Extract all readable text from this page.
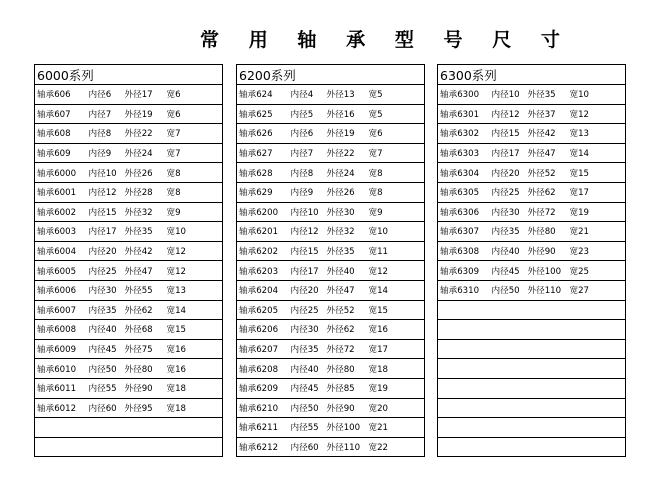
常 用 轴 承 型 号 尺 寸
6000系列			
轴承606	内径6	外径17	宽6
轴承607	内径7	外径19	宽6
轴承608	内径8	外径22	宽7
轴承609	内径9	外径24	宽7
轴承6000	内径10	外径26	宽8
轴承6001	内径12	外径28	宽8
轴承6002	内径15	外径32	宽9
轴承6003	内径17	外径35	宽10
轴承6004	内径20	外径42	宽12
轴承6005	内径25	外径47	宽12
轴承6006	内径30	外径55	宽13
轴承6007	内径35	外径62	宽14
轴承6008	内径40	外径68	宽15
轴承6009	内径45	外径75	宽16
轴承6010	内径50	外径80	宽16
轴承6011	内径55	外径90	宽18
轴承6012	内径60	外径95	宽18

6200系列			
轴承624	内径4	外径13	宽5
轴承625	内径5	外径16	宽5
轴承626	内径6	外径19	宽6
轴承627	内径7	外径22	宽7
轴承628	内径8	外径24	宽8
轴承629	内径9	外径26	宽8
轴承6200	内径10	外径30	宽9
轴承6201	内径12	外径32	宽10
轴承6202	内径15	外径35	宽11
轴承6203	内径17	外径40	宽12
轴承6204	内径20	外径47	宽14
轴承6205	内径25	外径52	宽15
轴承6206	内径30	外径62	宽16
轴承6207	内径35	外径72	宽17
轴承6208	内径40	外径80	宽18
轴承6209	内径45	外径85	宽19
轴承6210	内径50	外径90	宽20
轴承6211	内径55	外径100	宽21
轴承6212	内径60	外径110	宽22
6300系列			
轴承6300	内径10	外径35	宽10
轴承6301	内径12	外径37	宽12
轴承6302	内径15	外径42	宽13
轴承6303	内径17	外径47	宽14
轴承6304	内径20	外径52	宽15
轴承6305	内径25	外径62	宽17
轴承6306	内径30	外径72	宽19
轴承6307	内径35	外径80	宽21
轴承6308	内径40	外径90	宽23
轴承6309	内径45	外径100	宽25
轴承6310	内径50	外径110	宽27
